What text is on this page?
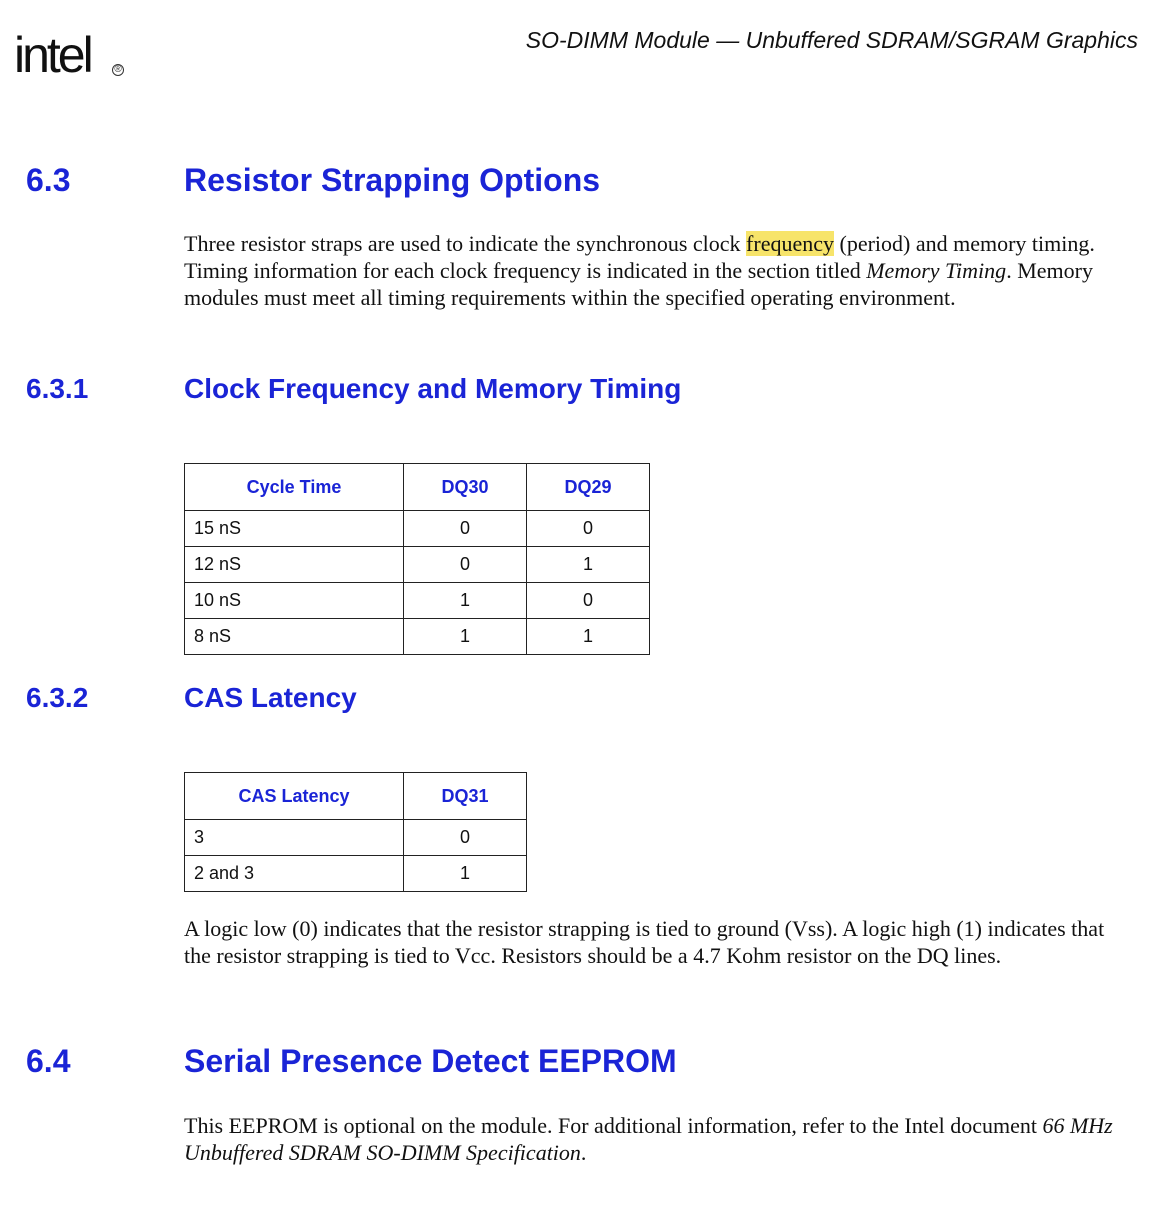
intel ®
SO-DIMM Module — Unbuffered SDRAM/SGRAM Graphics
6.3	Resistor Strapping Options
Three resistor straps are used to indicate the synchronous clock frequency (period) and memory timing. Timing information for each clock frequency is indicated in the section titled Memory Timing. Memory modules must meet all timing requirements within the specified operating environment.
6.3.1	Clock Frequency and Memory Timing
Cycle Time	DQ30	DQ29
15 nS	0	0
12 nS	0	1
10 nS	1	0
8 nS	1	1
6.3.2	CAS Latency
CAS Latency	DQ31
3	0
2 and 3	1
A logic low (0) indicates that the resistor strapping is tied to ground (Vss). A logic high (1) indicates that the resistor strapping is tied to Vcc. Resistors should be a 4.7 Kohm resistor on the DQ lines.
6.4	Serial Presence Detect EEPROM
This EEPROM is optional on the module. For additional information, refer to the Intel document 66 MHz Unbuffered SDRAM SO-DIMM Specification.
